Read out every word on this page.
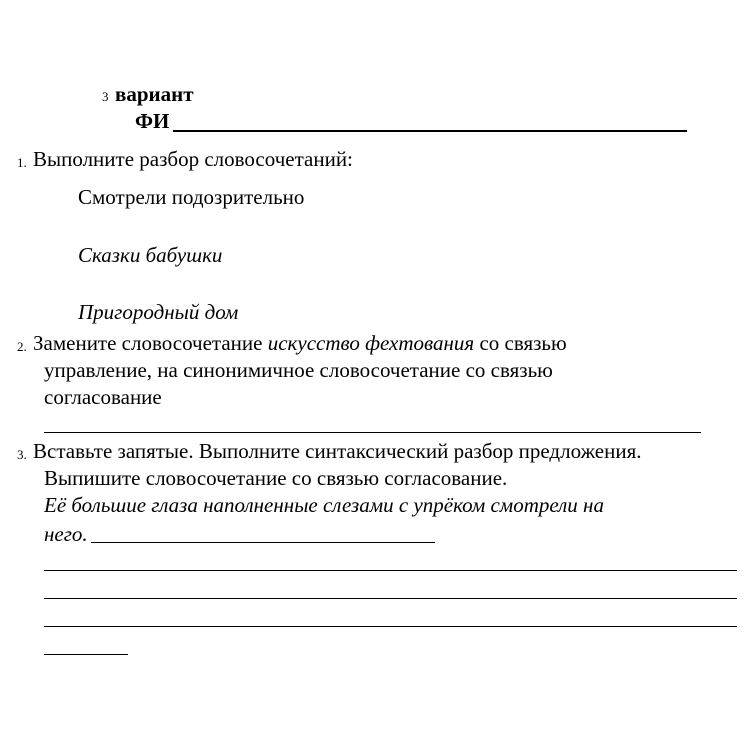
3 вариант
ФИ
1. Выполните разбор словосочетаний:
Смотрели подозрительно
Сказки бабушки
Пригородный дом
2. Замените словосочетание искусство фехтования со связью
управление, на синонимичное словосочетание со связью
согласование
3. Вставьте запятые. Выполните синтаксический разбор предложения.
Выпишите словосочетание со связью согласование.
Её большие глаза наполненные слезами с упрёком смотрели на
него.
